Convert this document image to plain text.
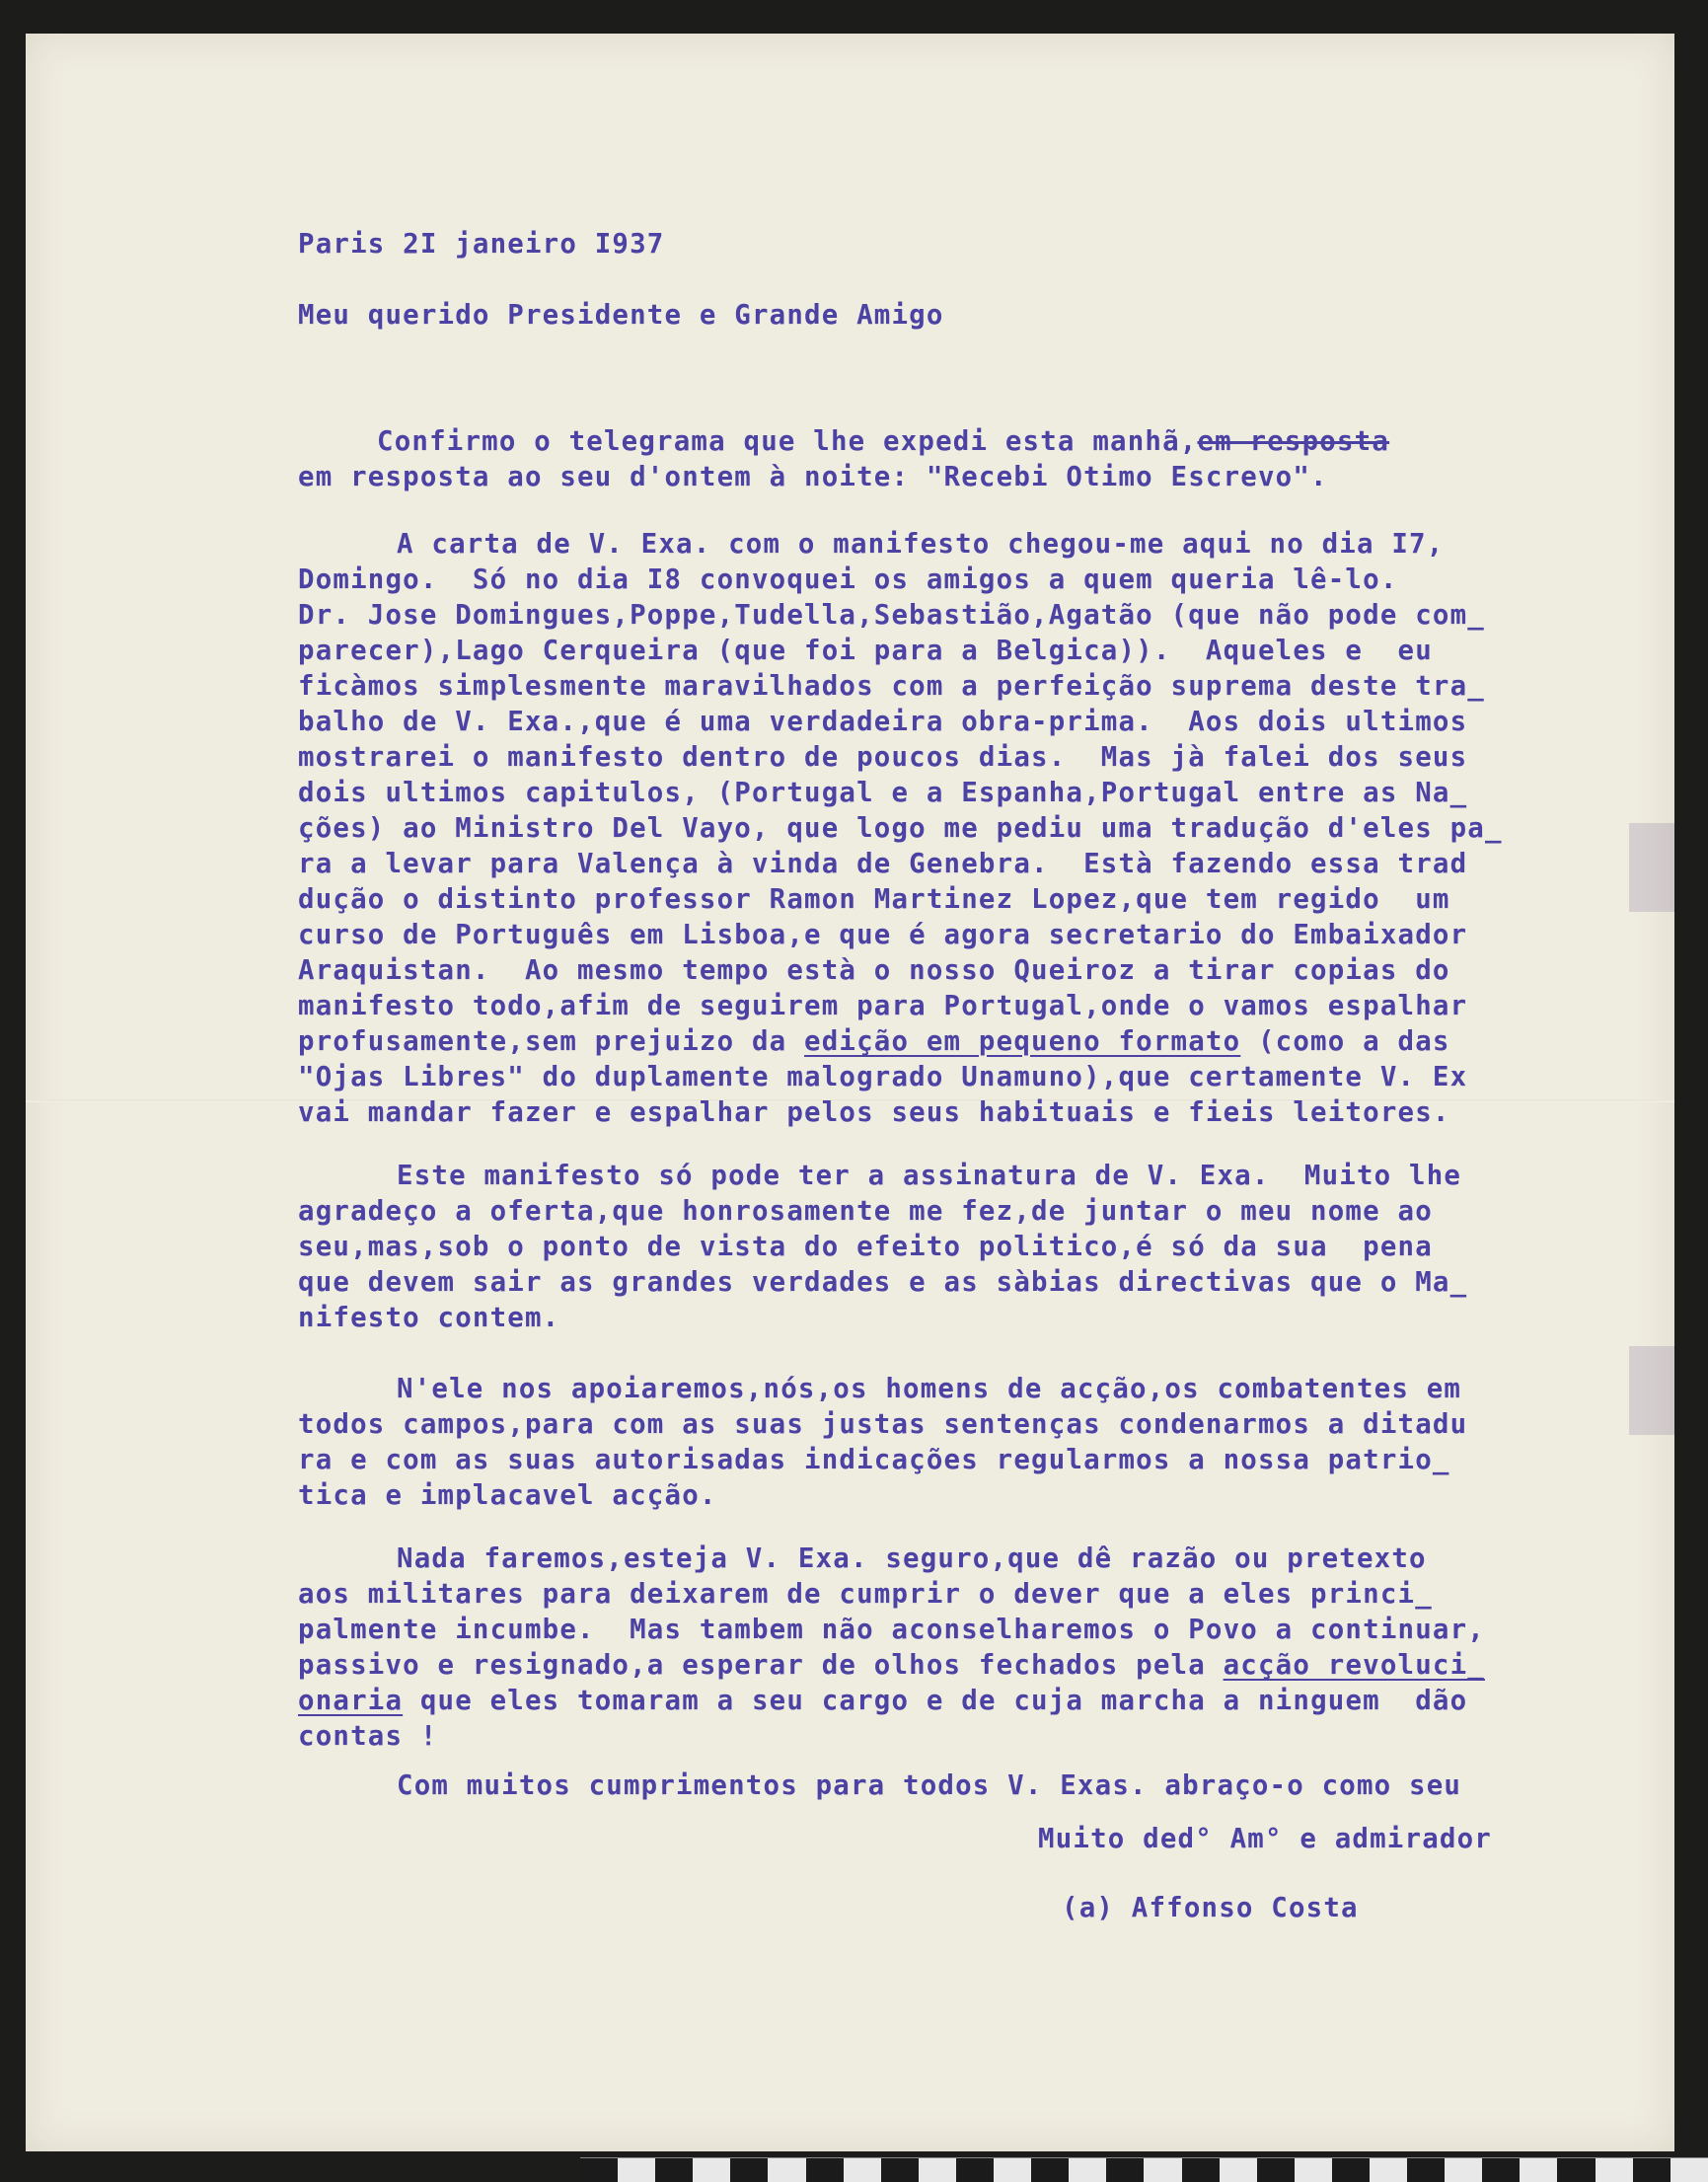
Paris 2I janeiro I937
Meu querido Presidente e Grande Amigo
Confirmo o telegrama que lhe expedi esta manhã,em resposta
em resposta ao seu d'ontem à noite: "Recebi Otimo Escrevo".
A carta de V. Exa. com o manifesto chegou-me aqui no dia I7,
Domingo.  Só no dia I8 convoquei os amigos a quem queria lê-lo.
Dr. Jose Domingues,Poppe,Tudella,Sebastião,Agatão (que não pode com_
parecer),Lago Cerqueira (que foi para a Belgica)).  Aqueles e  eu
ficàmos simplesmente maravilhados com a perfeição suprema deste tra_
balho de V. Exa.,que é uma verdadeira obra-prima.  Aos dois ultimos
mostrarei o manifesto dentro de poucos dias.  Mas jà falei dos seus
dois ultimos capitulos, (Portugal e a Espanha,Portugal entre as Na_
ções) ao Ministro Del Vayo, que logo me pediu uma tradução d'eles pa_
ra a levar para Valença à vinda de Genebra.  Està fazendo essa trad
dução o distinto professor Ramon Martinez Lopez,que tem regido  um
curso de Português em Lisboa,e que é agora secretario do Embaixador
Araquistan.  Ao mesmo tempo està o nosso Queiroz a tirar copias do
manifesto todo,afim de seguirem para Portugal,onde o vamos espalhar
profusamente,sem prejuizo da edição em pequeno formato (como a das
"Ojas Libres" do duplamente malogrado Unamuno),que certamente V. Ex
vai mandar fazer e espalhar pelos seus habituais e fieis leitores.
Este manifesto só pode ter a assinatura de V. Exa.  Muito lhe
agradeço a oferta,que honrosamente me fez,de juntar o meu nome ao
seu,mas,sob o ponto de vista do efeito politico,é só da sua  pena
que devem sair as grandes verdades e as sàbias directivas que o Ma_
nifesto contem.
N'ele nos apoiaremos,nós,os homens de acção,os combatentes em
todos campos,para com as suas justas sentenças condenarmos a ditadu
ra e com as suas autorisadas indicações regularmos a nossa patrio_
tica e implacavel acção.
Nada faremos,esteja V. Exa. seguro,que dê razão ou pretexto
aos militares para deixarem de cumprir o dever que a eles princi_
palmente incumbe.  Mas tambem não aconselharemos o Povo a continuar,
passivo e resignado,a esperar de olhos fechados pela acção revoluci_
onaria que eles tomaram a seu cargo e de cuja marcha a ninguem  dão
contas !
Com muitos cumprimentos para todos V. Exas. abraço-o como seu
Muito ded° Am° e admirador
(a) Affonso Costa
